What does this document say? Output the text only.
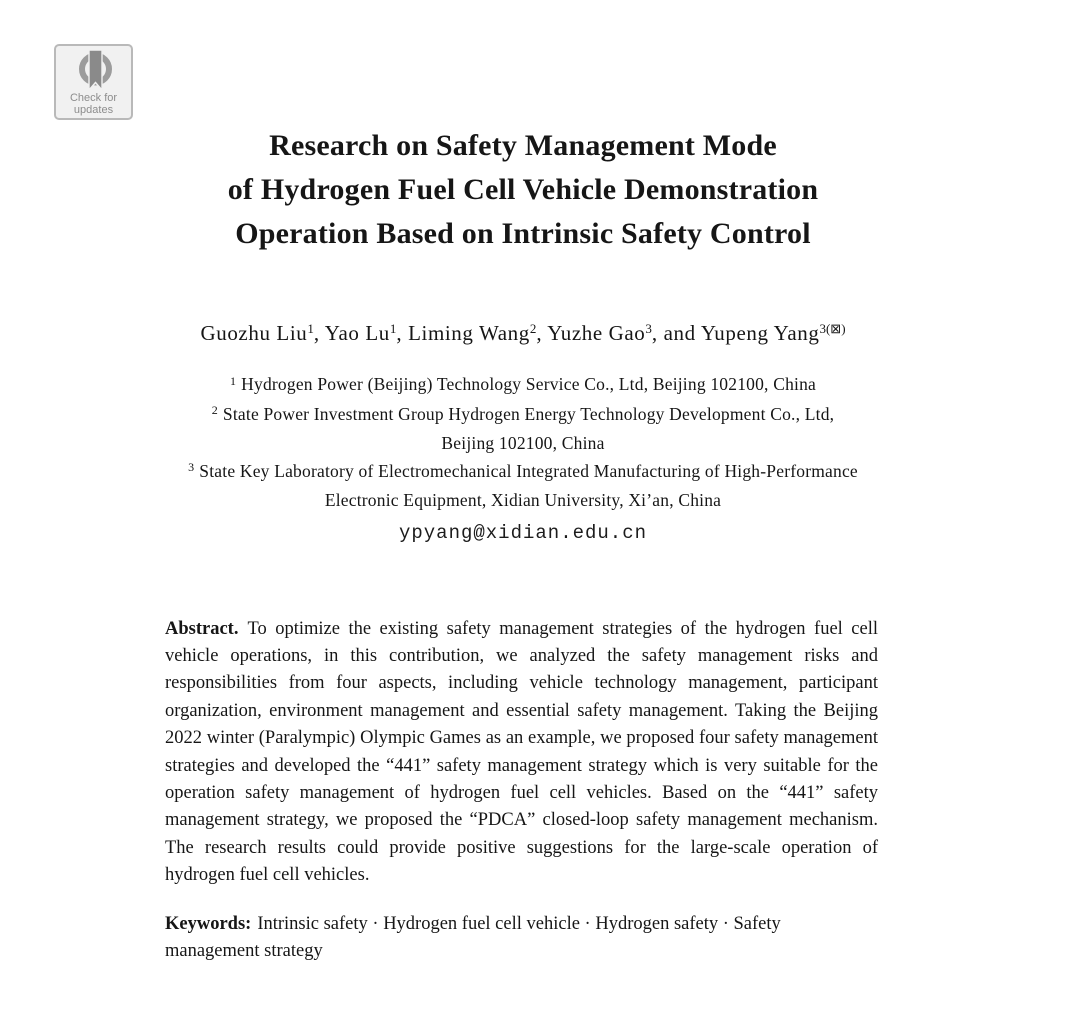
Check for
updates
Research on Safety Management Mode
of Hydrogen Fuel Cell Vehicle Demonstration
Operation Based on Intrinsic Safety Control
Guozhu Liu$^1$, Yao Lu$^1$, Liming Wang$^2$, Yuzhe Gao$^3$, and Yupeng Yang$^{3(⊠)}$
$^1$ Hydrogen Power (Beijing) Technology Service Co., Ltd, Beijing 102100, China
$^2$ State Power Investment Group Hydrogen Energy Technology Development Co., Ltd,
Beijing 102100, China
$^3$ State Key Laboratory of Electromechanical Integrated Manufacturing of High-Performance
Electronic Equipment, Xidian University, Xi’an, China
ypyang@xidian.edu.cn

Abstract. To optimize the existing safety management strategies of the hydrogen fuel cell vehicle operations, in this contribution, we analyzed the safety management risks and responsibilities from four aspects, including vehicle technology management, participant organization, environment management and essential safety management. Taking the Beijing 2022 winter (Paralympic) Olympic Games as an example, we proposed four safety management strategies and developed the “441” safety management strategy which is very suitable for the operation safety management of hydrogen fuel cell vehicles. Based on the “441” safety management strategy, we proposed the “PDCA” closed-loop safety management mechanism. The research results could provide positive suggestions for the large-scale operation of hydrogen fuel cell vehicles.

Keywords: Intrinsic safety · Hydrogen fuel cell vehicle · Hydrogen safety · Safety management strategy
